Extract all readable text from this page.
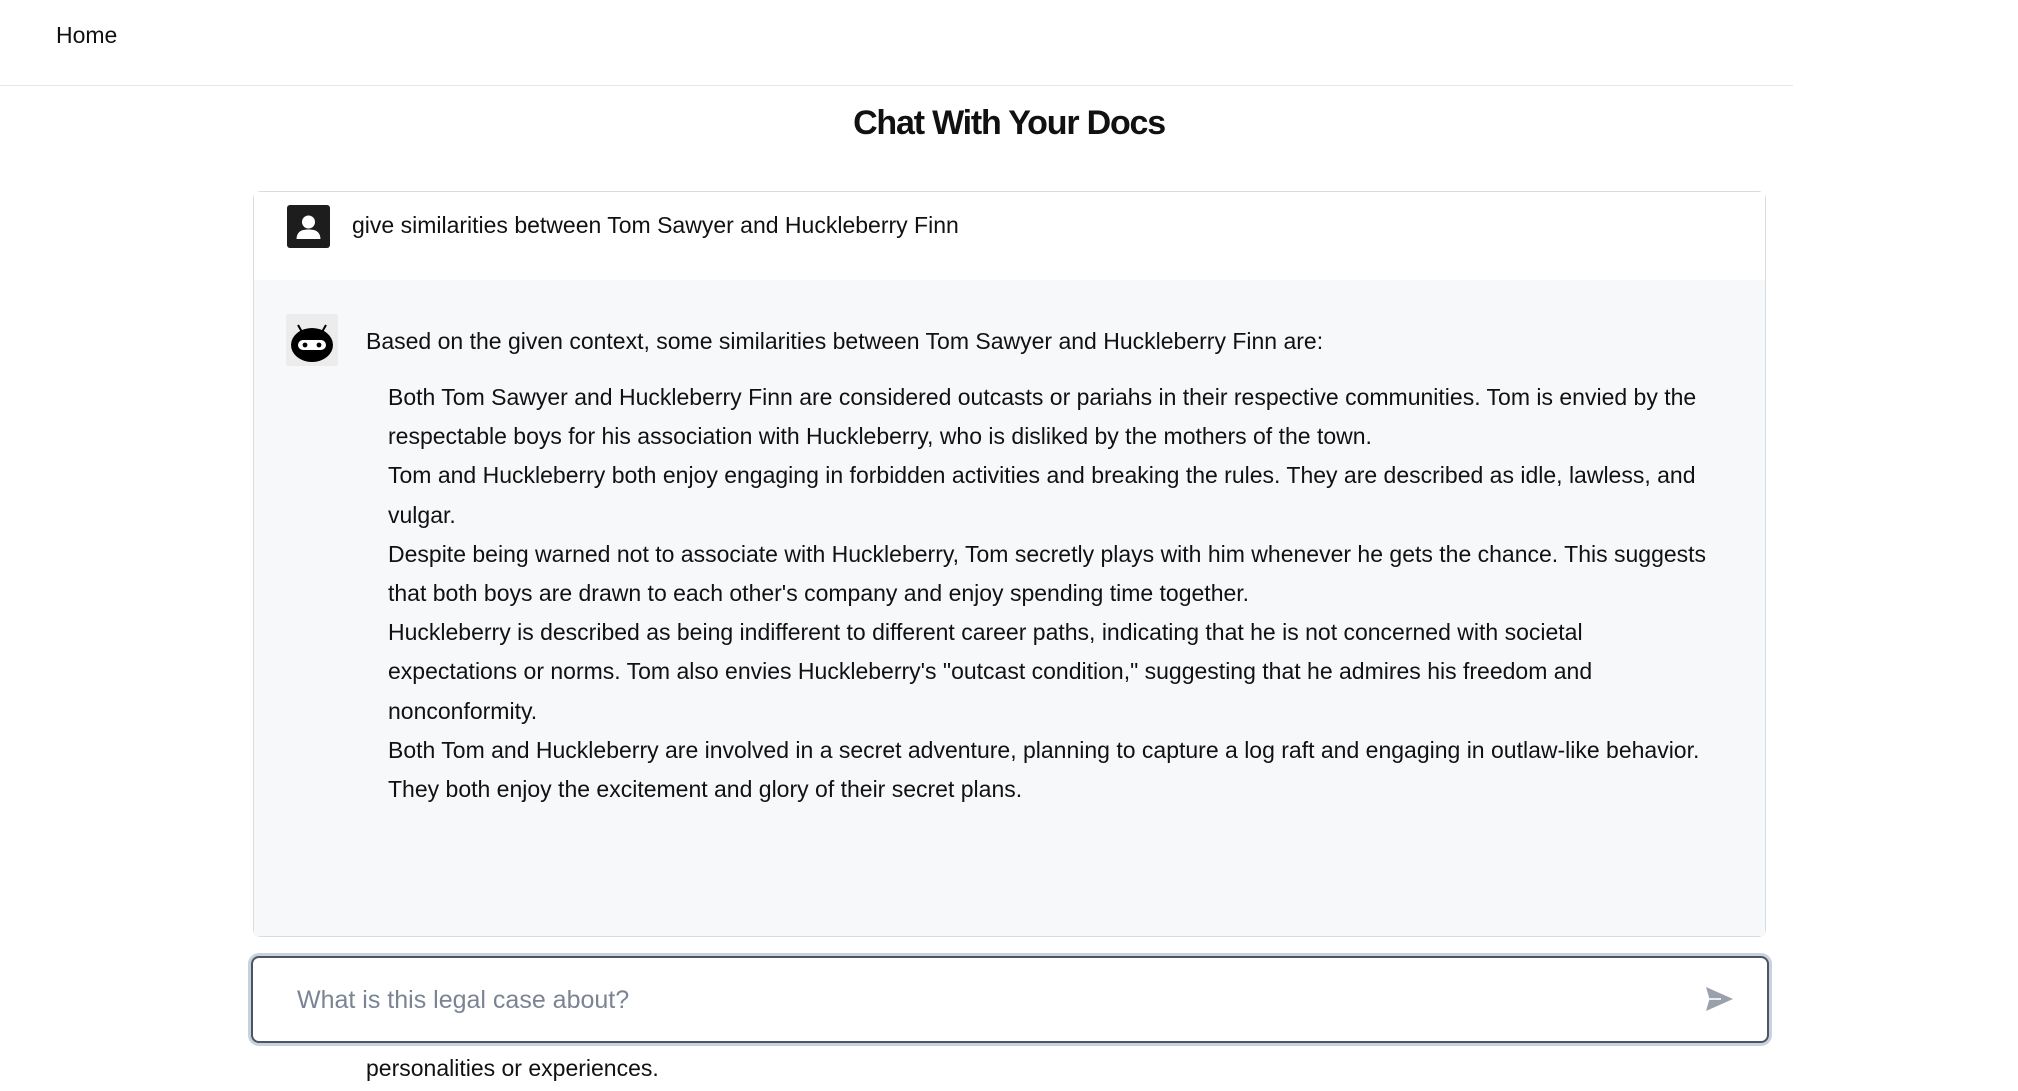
Home
Chat With Your Docs
give similarities between Tom Sawyer and Huckleberry Finn

Based on the given context, some similarities between Tom Sawyer and Huckleberry Finn are:

Both Tom Sawyer and Huckleberry Finn are considered outcasts or pariahs in their respective communities. Tom is envied by the respectable boys for his association with Huckleberry, who is disliked by the mothers of the town.
Tom and Huckleberry both enjoy engaging in forbidden activities and breaking the rules. They are described as idle, lawless, and vulgar.
Despite being warned not to associate with Huckleberry, Tom secretly plays with him whenever he gets the chance. This suggests that both boys are drawn to each other's company and enjoy spending time together.
Huckleberry is described as being indifferent to different career paths, indicating that he is not concerned with societal expectations or norms. Tom also envies Huckleberry's "outcast condition," suggesting that he admires his freedom and nonconformity.
Both Tom and Huckleberry are involved in a secret adventure, planning to capture a log raft and engaging in outlaw-like behavior. They both enjoy the excitement and glory of their secret plans.

personalities or experiences.

What is this legal case about?
